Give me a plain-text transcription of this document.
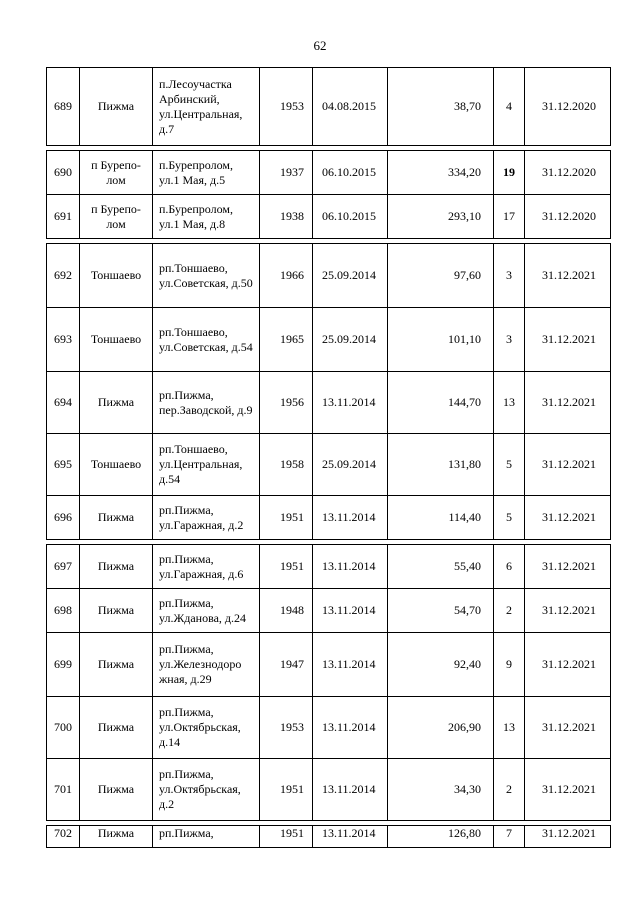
62
689	Пижма	п.Лесоучастка Арбинский, ул.Центральная, д.7	1953	04.08.2015	38,70	4	31.12.2020

690	п Бурепо-лом	п.Бурепролом, ул.1 Мая, д.5	1937	06.10.2015	334,20	19	31.12.2020
691	п Бурепо-лом	п.Бурепролом, ул.1 Мая, д.8	1938	06.10.2015	293,10	17	31.12.2020

692	Тоншаево	рп.Тоншаево, ул.Советская, д.50	1966	25.09.2014	97,60	3	31.12.2021
693	Тоншаево	рп.Тоншаево, ул.Советская, д.54	1965	25.09.2014	101,10	3	31.12.2021
694	Пижма	рп.Пижма, пер.Заводской, д.9	1956	13.11.2014	144,70	13	31.12.2021
695	Тоншаево	рп.Тоншаево, ул.Центральная, д.54	1958	25.09.2014	131,80	5	31.12.2021
696	Пижма	рп.Пижма, ул.Гаражная, д.2	1951	13.11.2014	114,40	5	31.12.2021

697	Пижма	рп.Пижма, ул.Гаражная, д.6	1951	13.11.2014	55,40	6	31.12.2021
698	Пижма	рп.Пижма, ул.Жданова, д.24	1948	13.11.2014	54,70	2	31.12.2021
699	Пижма	рп.Пижма, ул.Железнодоро жная, д.29	1947	13.11.2014	92,40	9	31.12.2021
700	Пижма	рп.Пижма, ул.Октябрьская, д.14	1953	13.11.2014	206,90	13	31.12.2021
701	Пижма	рп.Пижма, ул.Октябрьская, д.2	1951	13.11.2014	34,30	2	31.12.2021

702	Пижма	рп.Пижма,	1951	13.11.2014	126,80	7	31.12.2021
